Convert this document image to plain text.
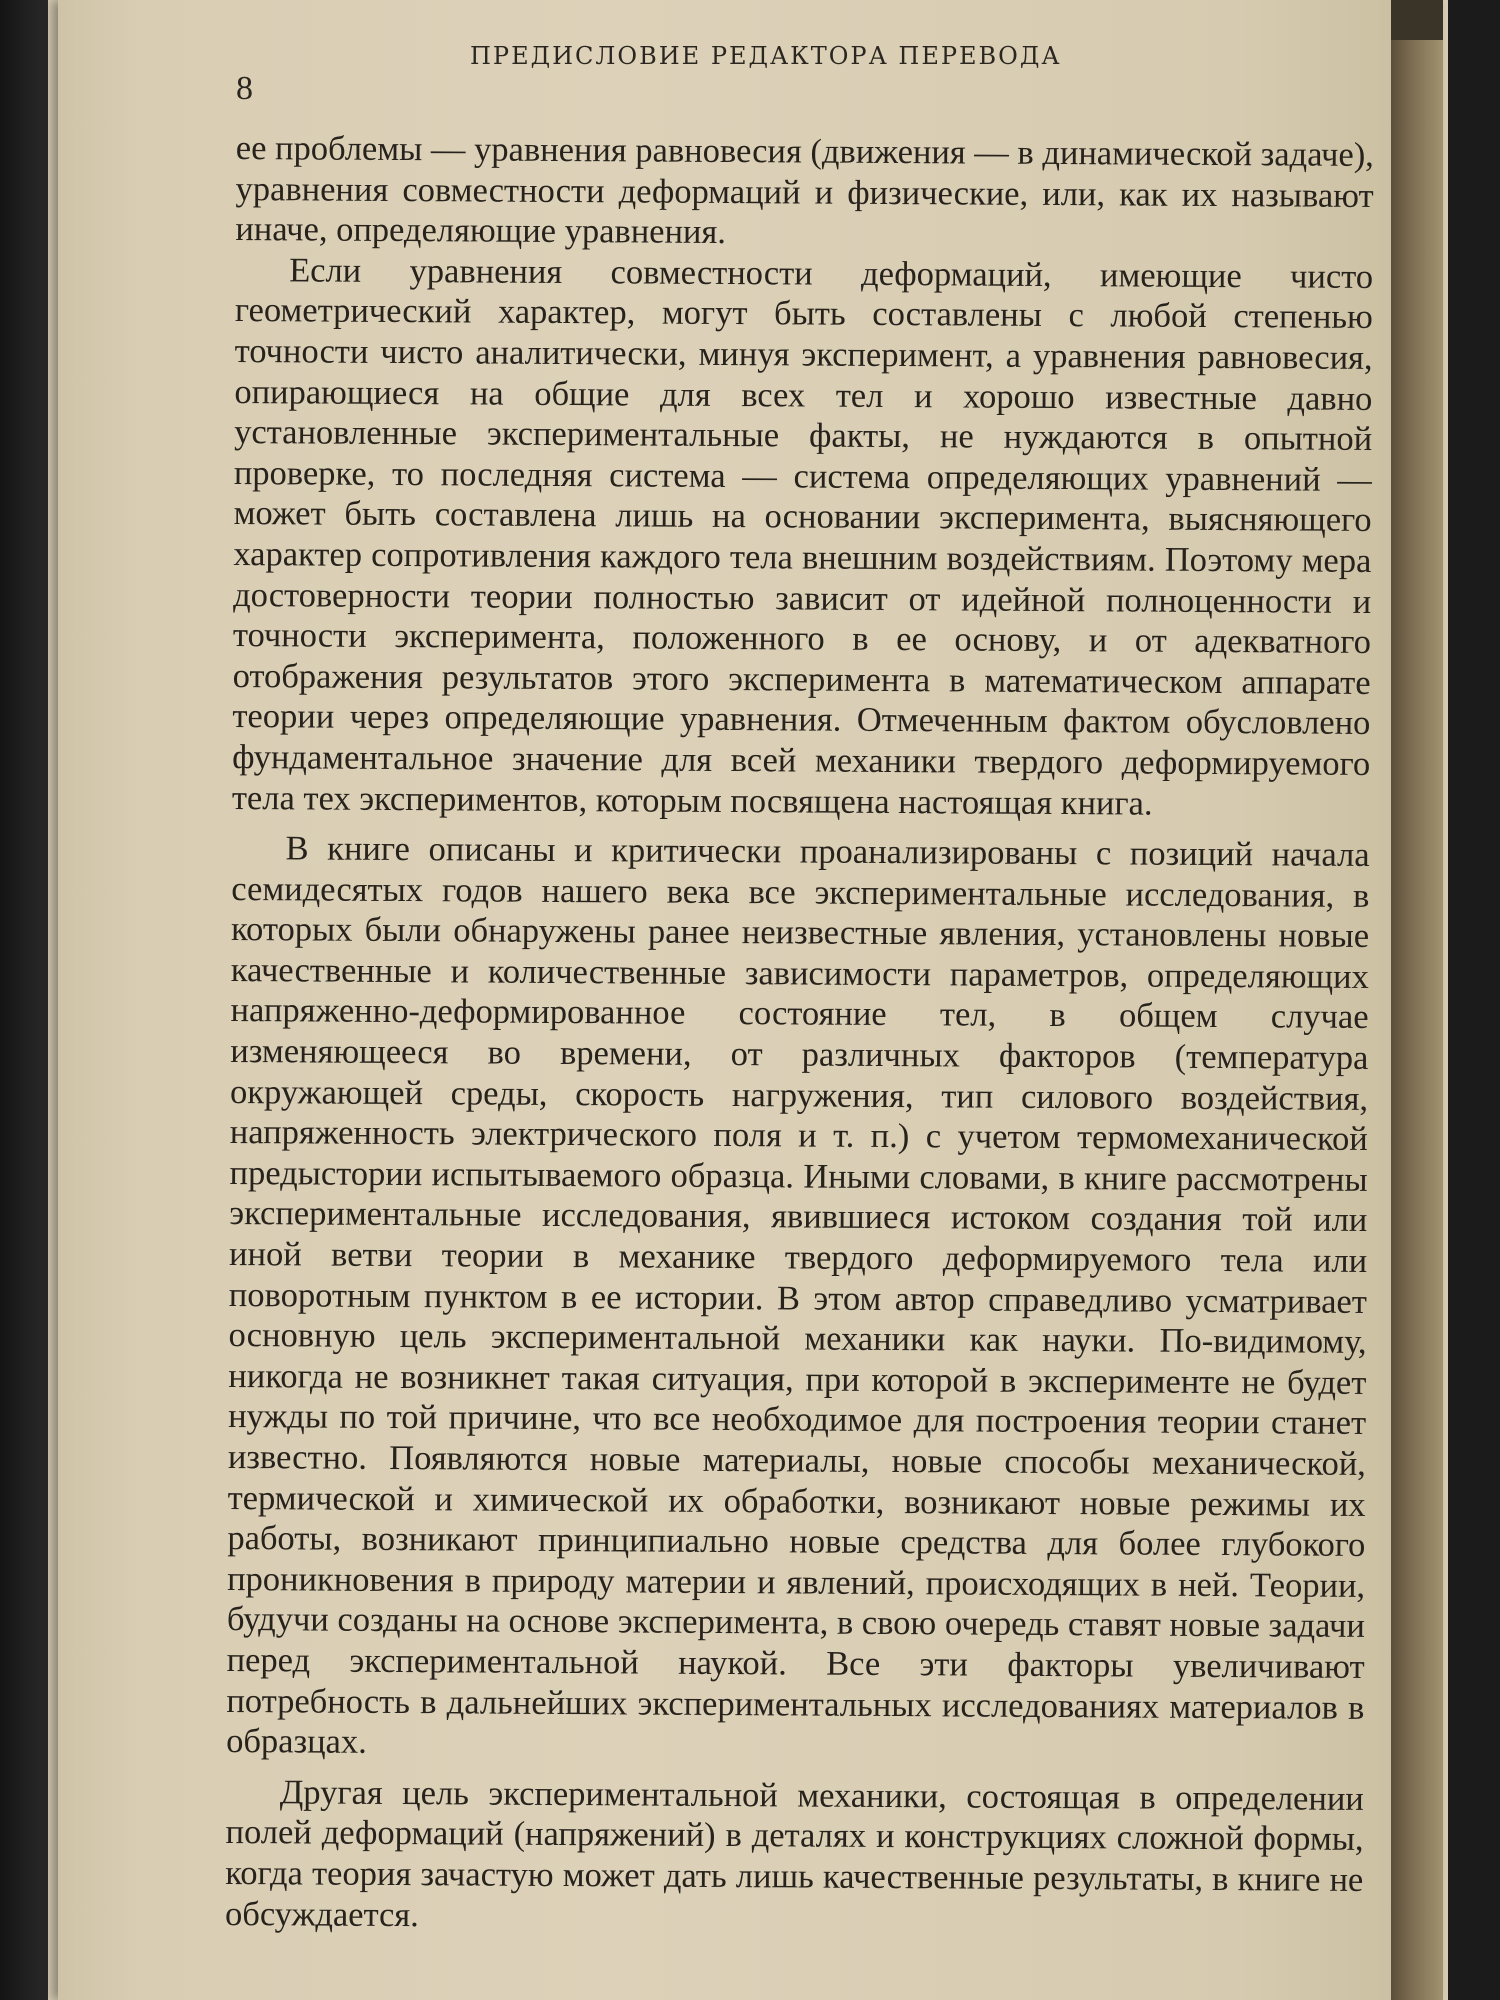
ПРЕДИСЛОВИЕ РЕДАКТОРА ПЕРЕВОДА
8

ее проблемы — уравнения равновесия (движения — в динамической задаче), уравнения совместности деформаций и физические, или, как их называют иначе, определяющие уравнения.

Если уравнения совместности деформаций, имеющие чисто геометрический характер, могут быть составлены с любой степенью точности чисто аналитически, минуя эксперимент, а уравнения равновесия, опирающиеся на общие для всех тел и хорошо известные давно установленные экспериментальные факты, не нуждаются в опытной проверке, то последняя система — система определяющих уравнений — может быть составлена лишь на основании эксперимента, выясняющего характер сопротивления каждого тела внешним воздействиям. Поэтому мера достоверности теории полностью зависит от идейной полноценности и точности эксперимента, положенного в ее основу, и от адекватного отображения результатов этого эксперимента в математическом аппарате теории через определяющие уравнения. Отмеченным фактом обусловлено фундаментальное значение для всей механики твердого деформируемого тела тех экспериментов, которым посвящена настоящая книга.

В книге описаны и критически проанализированы с позиций начала семидесятых годов нашего века все экспериментальные исследования, в которых были обнаружены ранее неизвестные явления, установлены новые качественные и количественные зависимости параметров, определяющих напряженно-деформированное состояние тел, в общем случае изменяющееся во времени, от различных факторов (температура окружающей среды, скорость нагружения, тип силового воздействия, напряженность электрического поля и т. п.) с учетом термомеханической предыстории испытываемого образца. Иными словами, в книге рассмотрены экспериментальные исследования, явившиеся истоком создания той или иной ветви теории в механике твердого деформируемого тела или поворотным пунктом в ее истории. В этом автор справедливо усматривает основную цель экспериментальной механики как науки. По-видимому, никогда не возникнет такая ситуация, при которой в эксперименте не будет нужды по той причине, что все необходимое для построения теории станет известно. Появляются новые материалы, новые способы механической, термической и химической их обработки, возникают новые режимы их работы, возникают принципиально новые средства для более глубокого проникновения в природу материи и явлений, происходящих в ней. Теории, будучи созданы на основе эксперимента, в свою очередь ставят новые задачи перед экспериментальной наукой. Все эти факторы увеличивают потребность в дальнейших экспериментальных исследованиях материалов в образцах.

Другая цель экспериментальной механики, состоящая в определении полей деформаций (напряжений) в деталях и конструкциях сложной формы, когда теория зачастую может дать лишь качественные результаты, в книге не обсуждается.
